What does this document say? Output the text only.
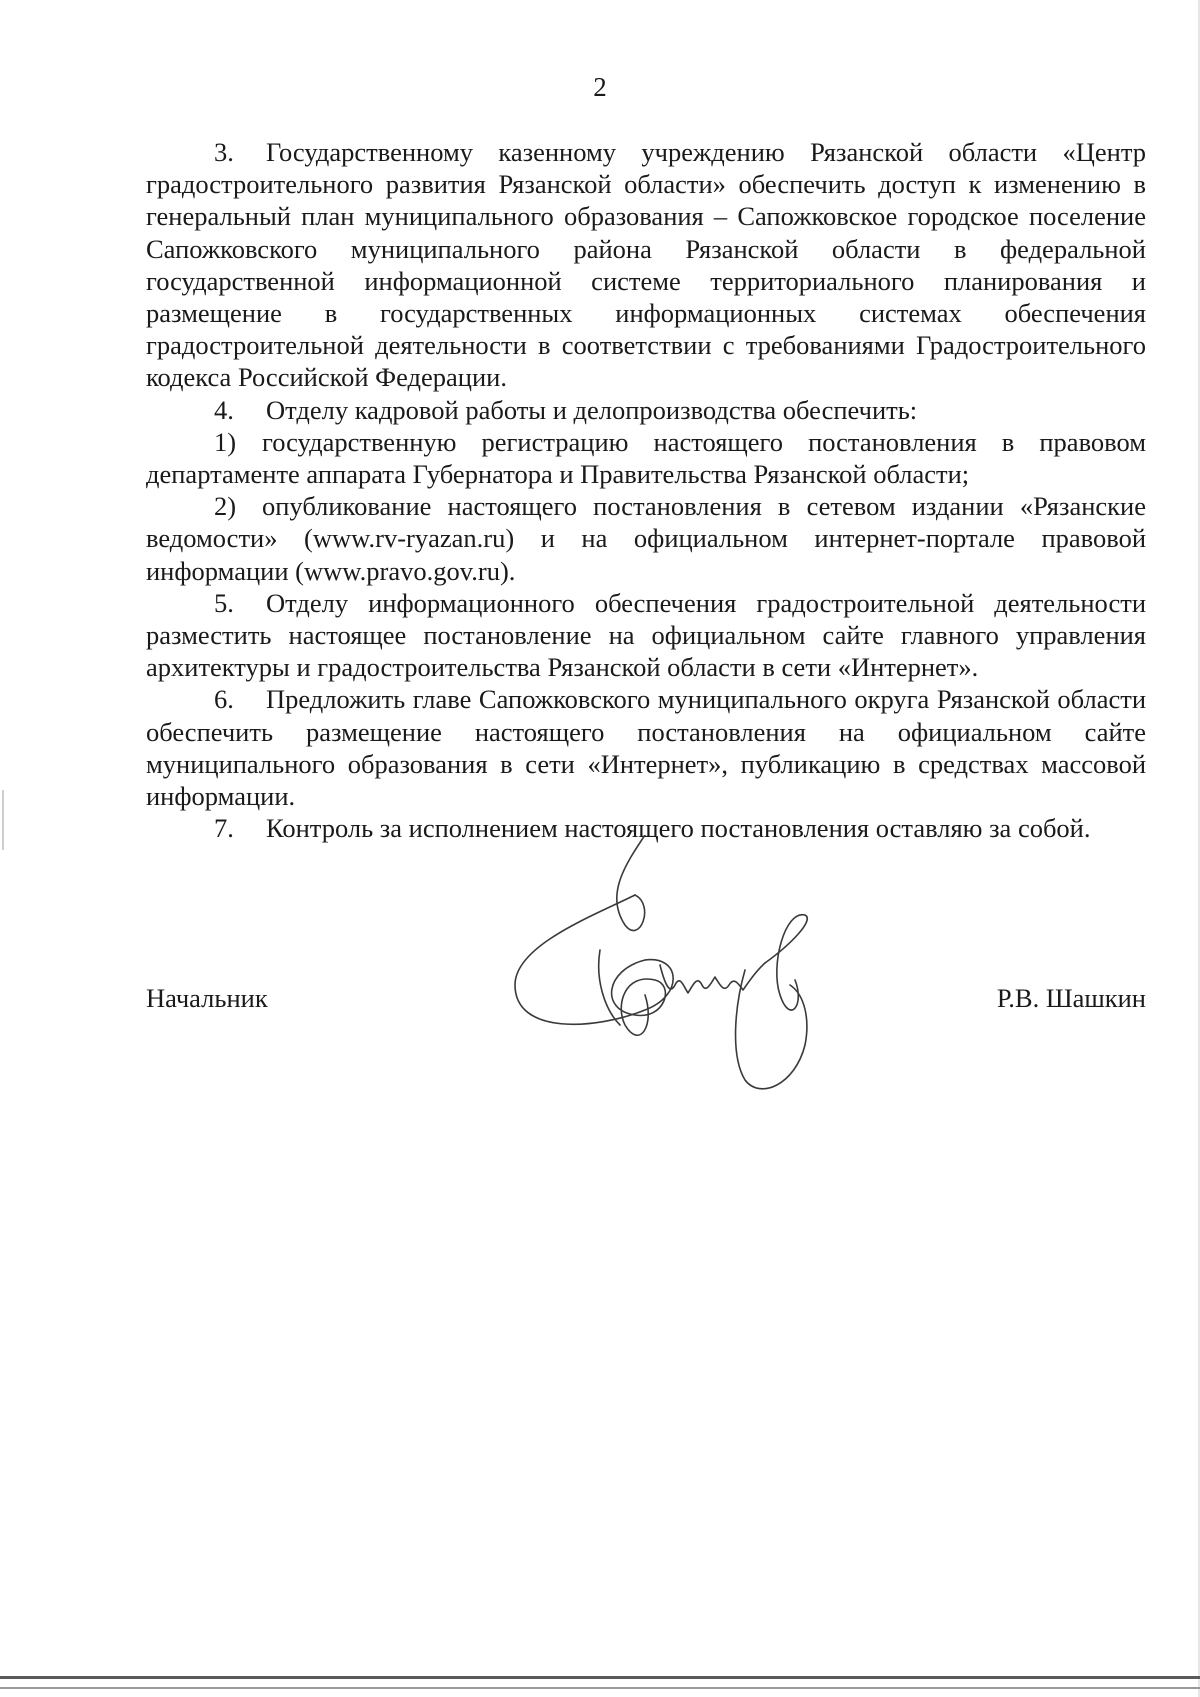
2

3. Государственному казенному учреждению Рязанской области «Центр градостроительного развития Рязанской области» обеспечить доступ к изменению в генеральный план муниципального образования – Сапожковское городское поселение Сапожковского муниципального района Рязанской области в федеральной государственной информационной системе территориального планирования и размещение в государственных информационных системах обеспечения градостроительной деятельности в соответствии с требованиями Градостроительного кодекса Российской Федерации.

4. Отделу кадровой работы и делопроизводства обеспечить:

1) государственную регистрацию настоящего постановления в правовом департаменте аппарата Губернатора и Правительства Рязанской области;

2) опубликование настоящего постановления в сетевом издании «Рязанские ведомости» (www.rv-ryazan.ru) и на официальном интернет-портале правовой информации (www.pravo.gov.ru).

5. Отделу информационного обеспечения градостроительной деятельности разместить настоящее постановление на официальном сайте главного управления архитектуры и градостроительства Рязанской области в сети «Интернет».

6. Предложить главе Сапожковского муниципального округа Рязанской области обеспечить размещение настоящего постановления на официальном сайте муниципального образования в сети «Интернет», публикацию в средствах массовой информации.

7. Контроль за исполнением настоящего постановления оставляю за собой.

Начальник	Р.В. Шашкин
